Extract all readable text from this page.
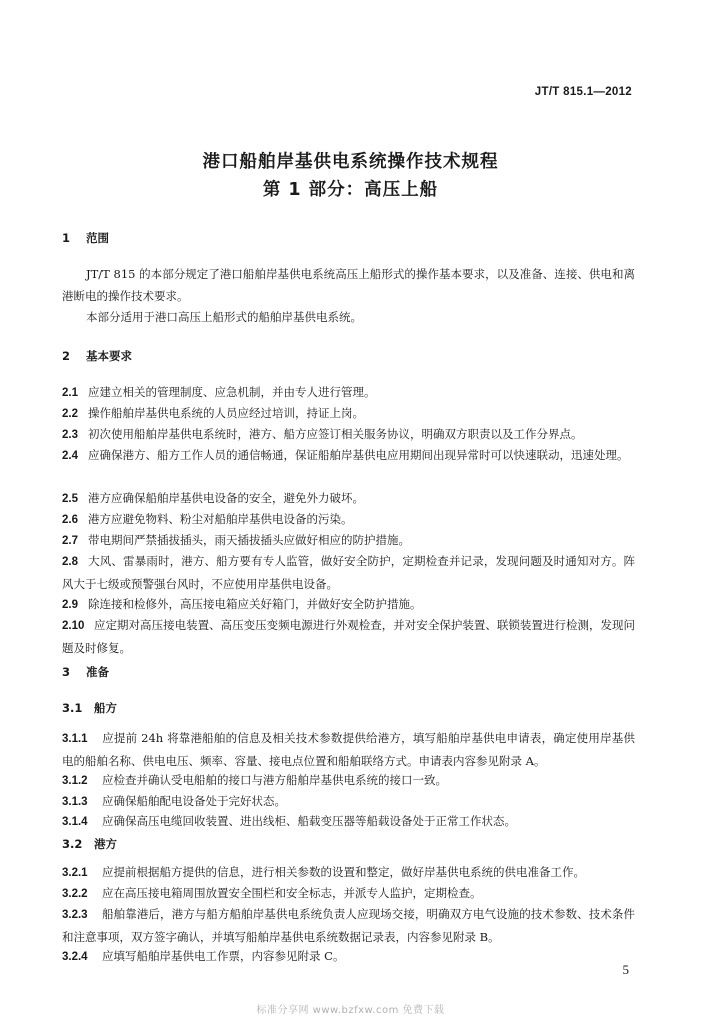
JT/T 815.1—2012
港口船舶岸基供电系统操作技术规程
第 1 部分：高压上船
1 范围
JT/T 815 的本部分规定了港口船舶岸基供电系统高压上船形式的操作基本要求，以及准备、连接、供电和离港断电的操作技术要求。
本部分适用于港口高压上船形式的船舶岸基供电系统。
2 基本要求
2.1 应建立相关的管理制度、应急机制，并由专人进行管理。
2.2 操作船舶岸基供电系统的人员应经过培训，持证上岗。
2.3 初次使用船舶岸基供电系统时，港方、船方应签订相关服务协议，明确双方职责以及工作分界点。
2.4 应确保港方、船方工作人员的通信畅通，保证船舶岸基供电应用期间出现异常时可以快速联动，迅速处理。
2.5 港方应确保船舶岸基供电设备的安全，避免外力破坏。
2.6 港方应避免物料、粉尘对船舶岸基供电设备的污染。
2.7 带电期间严禁插拔插头，雨天插拔插头应做好相应的防护措施。
2.8 大风、雷暴雨时，港方、船方要有专人监管，做好安全防护，定期检查并记录，发现问题及时通知对方。阵风大于七级或预警强台风时，不应使用岸基供电设备。
2.9 除连接和检修外，高压接电箱应关好箱门，并做好安全防护措施。
2.10 应定期对高压接电装置、高压变压变频电源进行外观检查，并对安全保护装置、联锁装置进行检测，发现问题及时修复。
3 准备
3.1 船方
3.1.1 应提前 24h 将靠港船舶的信息及相关技术参数提供给港方，填写船舶岸基供电申请表，确定使用岸基供电的船舶名称、供电电压、频率、容量、接电点位置和船舶联络方式。申请表内容参见附录 A。
3.1.2 应检查并确认受电船舶的接口与港方船舶岸基供电系统的接口一致。
3.1.3 应确保船舶配电设备处于完好状态。
3.1.4 应确保高压电缆回收装置、进出线柜、船载变压器等船载设备处于正常工作状态。
3.2 港方
3.2.1 应提前根据船方提供的信息，进行相关参数的设置和整定，做好岸基供电系统的供电准备工作。
3.2.2 应在高压接电箱周围放置安全围栏和安全标志，并派专人监护，定期检查。
3.2.3 船舶靠港后，港方与船方船舶岸基供电系统负责人应现场交接，明确双方电气设施的技术参数、技术条件和注意事项，双方签字确认，并填写船舶岸基供电系统数据记录表，内容参见附录 B。
3.2.4 应填写船舶岸基供电工作票，内容参见附录 C。
5
标准分享网 www.bzfxw.com 免费下载
